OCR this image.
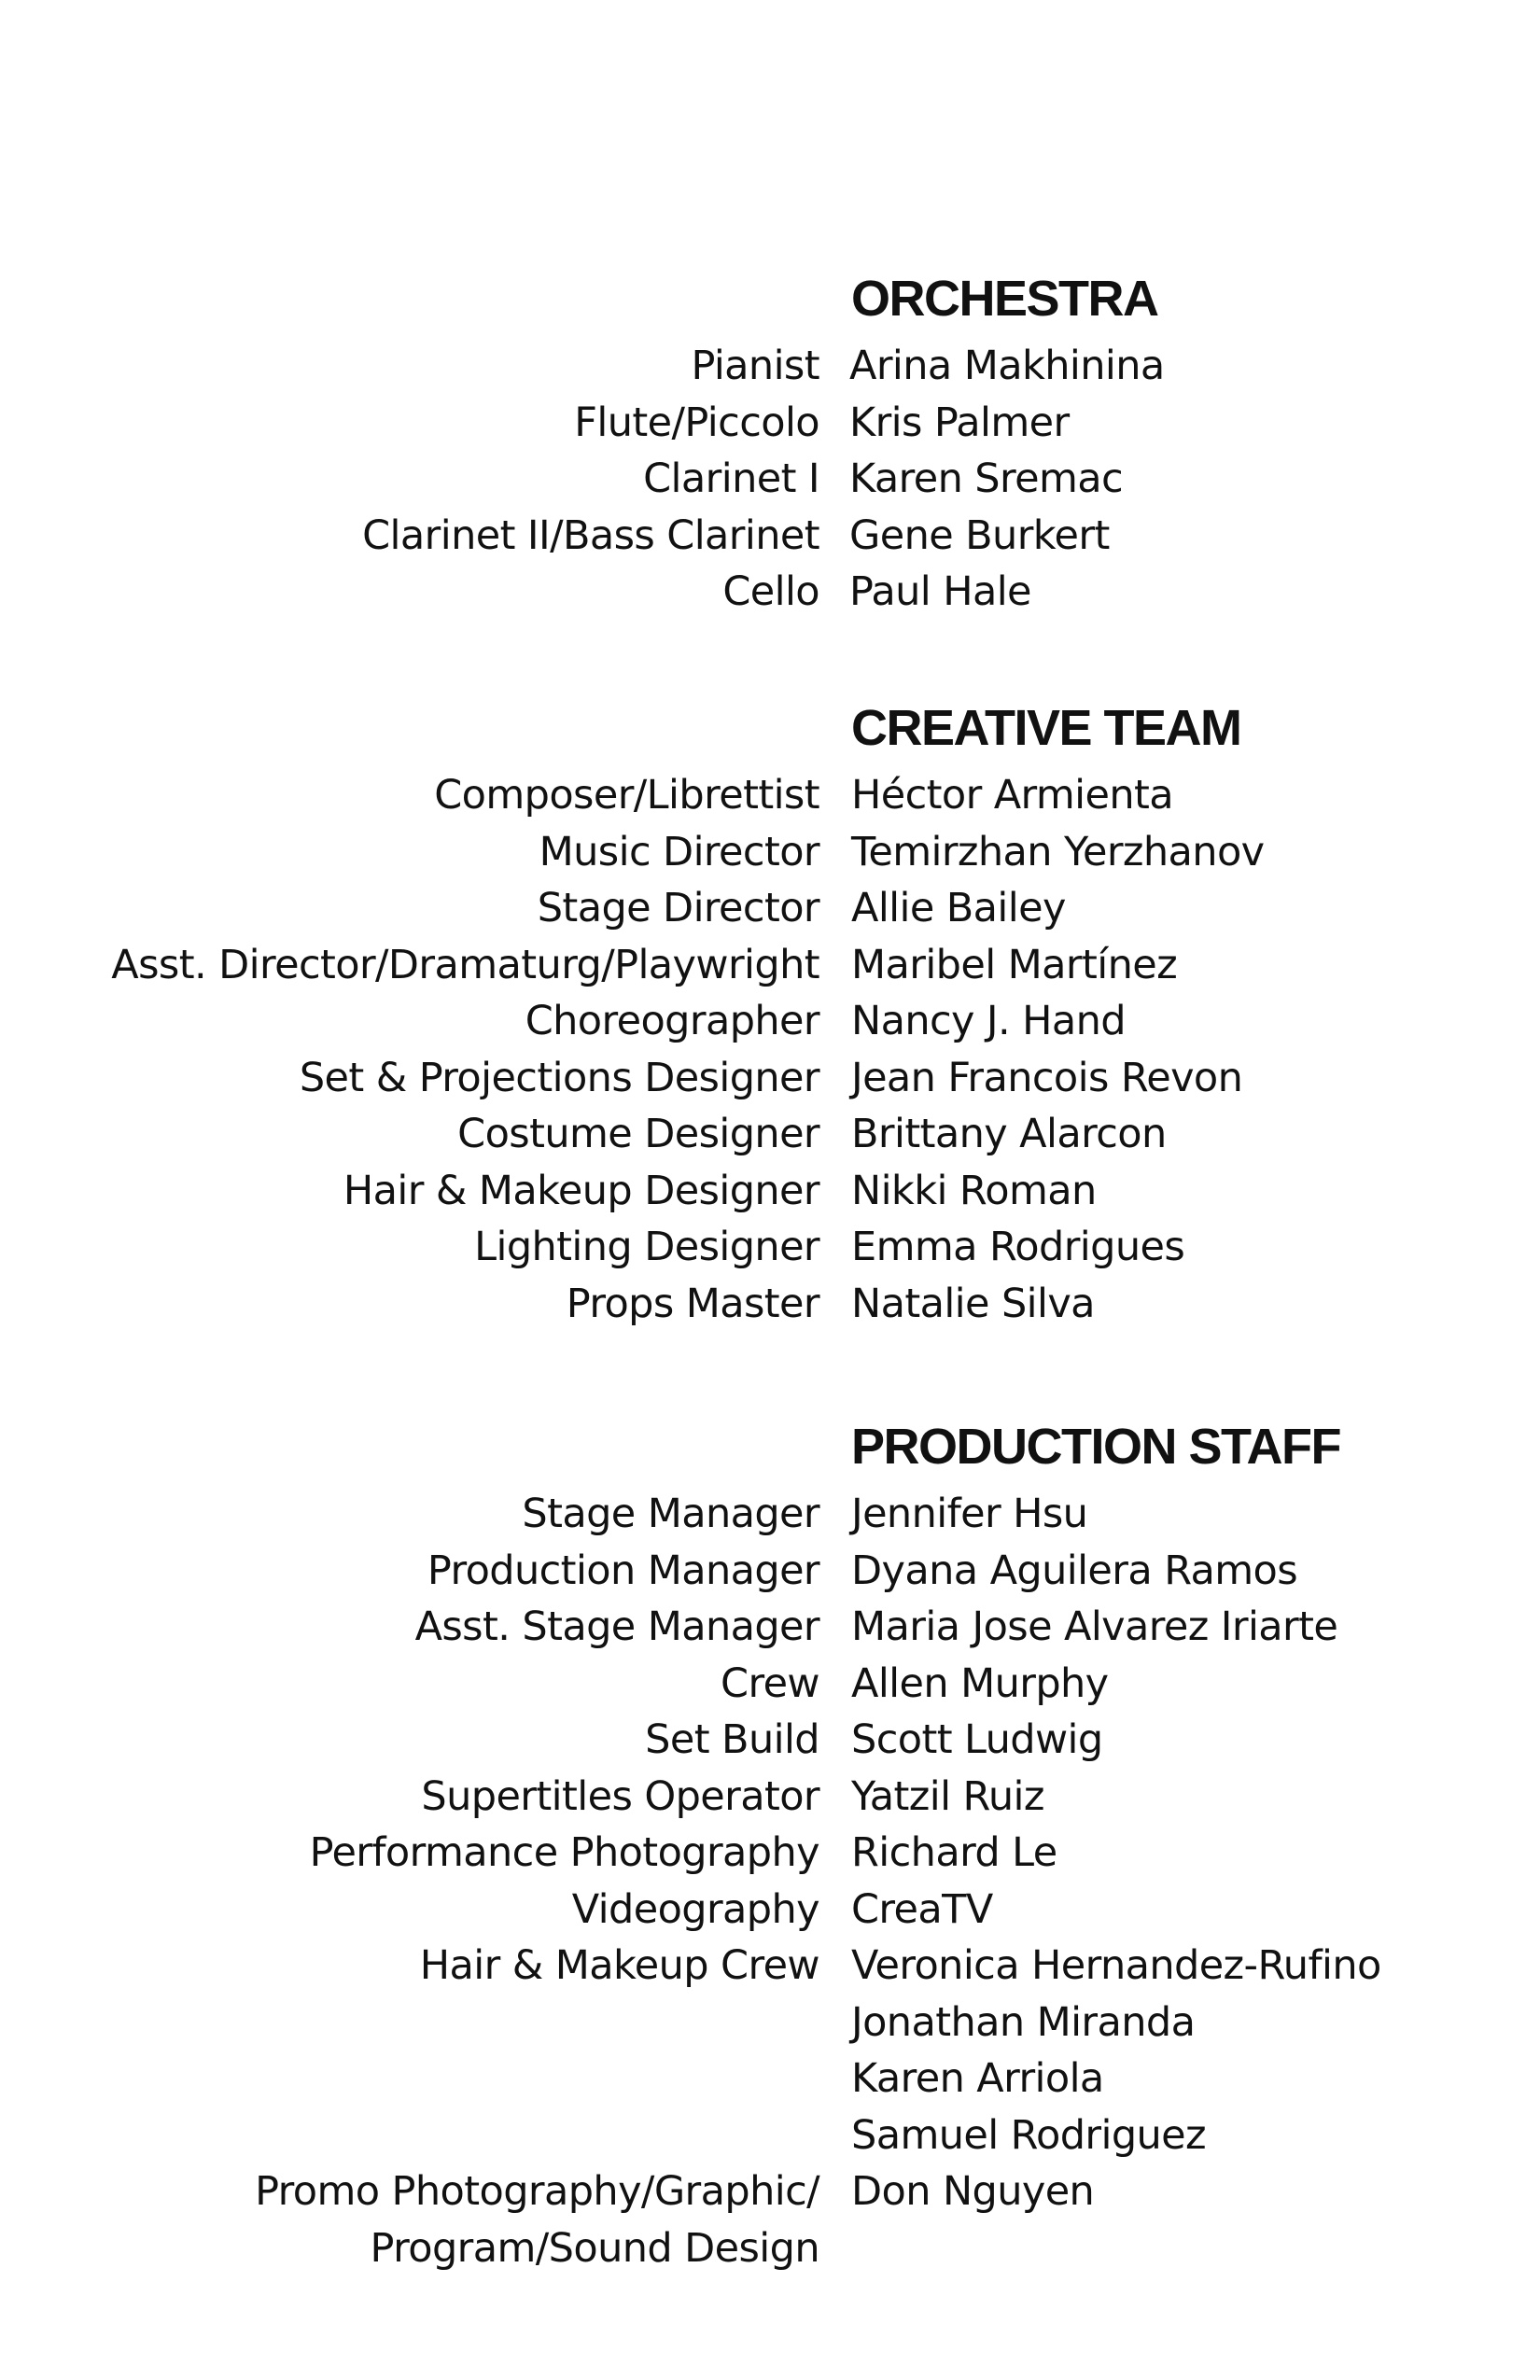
ORCHESTRA
Pianist Arina Makhinina
Flute/Piccolo Kris Palmer
Clarinet I Karen Sremac
Clarinet II/Bass Clarinet Gene Burkert
Cello Paul Hale
CREATIVE TEAM
Composer/Librettist Héctor Armienta
Music Director Temirzhan Yerzhanov
Stage Director Allie Bailey
Asst. Director/Dramaturg/Playwright Maribel Martínez
Choreographer Nancy J. Hand
Set & Projections Designer Jean Francois Revon
Costume Designer Brittany Alarcon
Hair & Makeup Designer Nikki Roman
Lighting Designer Emma Rodrigues
Props Master Natalie Silva
PRODUCTION STAFF
Stage Manager Jennifer Hsu
Production Manager Dyana Aguilera Ramos
Asst. Stage Manager Maria Jose Alvarez Iriarte
Crew Allen Murphy
Set Build Scott Ludwig
Supertitles Operator Yatzil Ruiz
Performance Photography Richard Le
Videography CreaTV
Hair & Makeup Crew Veronica Hernandez-Rufino
Jonathan Miranda
Karen Arriola
Samuel Rodriguez
Promo Photography/Graphic/ Don Nguyen
Program/Sound Design
